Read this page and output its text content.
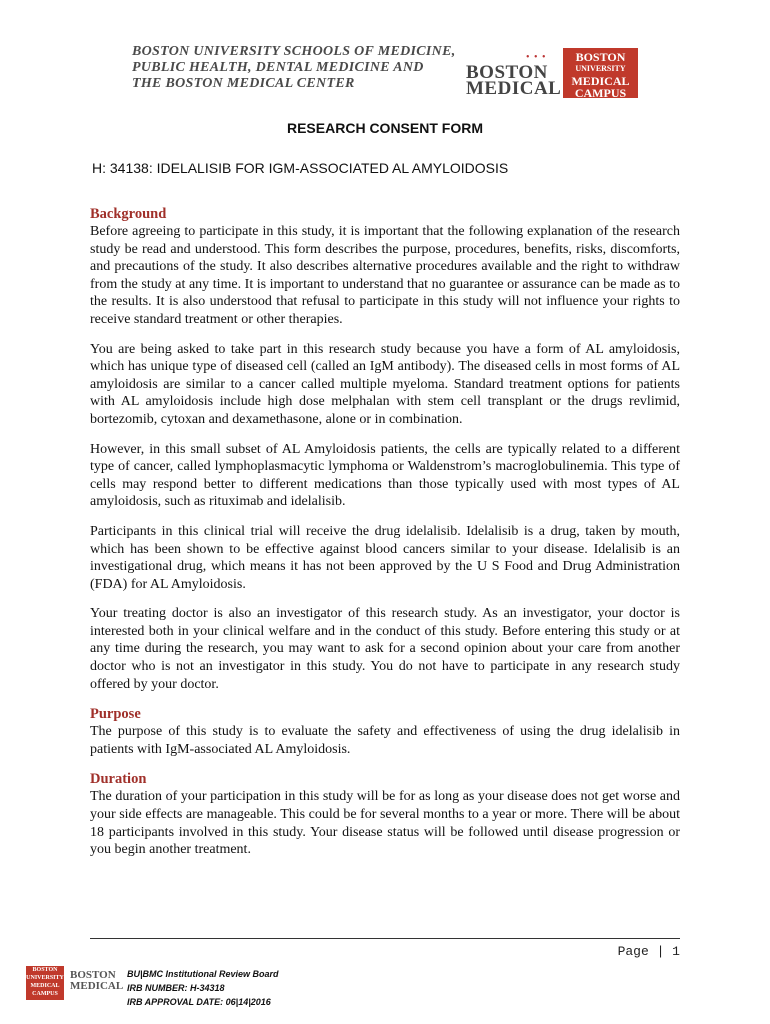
BOSTON UNIVERSITY SCHOOLS OF MEDICINE,
PUBLIC HEALTH, DENTAL MEDICINE AND
THE BOSTON MEDICAL CENTER
• • •
BOSTON
MEDICAL
BOSTON
UNIVERSITY
MEDICAL
CAMPUS
RESEARCH CONSENT FORM
H: 34138: IDELALISIB FOR IGM-ASSOCIATED AL AMYLOIDOSIS
Background

Before agreeing to participate in this study, it is important that the following explanation of the research study be read and understood. This form describes the purpose, procedures, benefits, risks, discomforts, and precautions of the study. It also describes alternative procedures available and the right to withdraw from the study at any time. It is important to understand that no guarantee or assurance can be made as to the results. It is also understood that refusal to participate in this study will not influence your rights to receive standard treatment or other therapies.

You are being asked to take part in this research study because you have a form of AL amyloidosis, which has unique type of diseased cell (called an IgM antibody). The diseased cells in most forms of AL amyloidosis are similar to a cancer called multiple myeloma. Standard treatment options for patients with AL amyloidosis include high dose melphalan with stem cell transplant or the drugs revlimid, bortezomib, cytoxan and dexamethasone, alone or in combination.

However, in this small subset of AL Amyloidosis patients, the cells are typically related to a different type of cancer, called lymphoplasmacytic lymphoma or Waldenstrom’s macroglobulinemia. This type of cells may respond better to different medications than those typically used with most types of AL amyloidosis, such as rituximab and idelalisib.

Participants in this clinical trial will receive the drug idelalisib. Idelalisib is a drug, taken by mouth, which has been shown to be effective against blood cancers similar to your disease. Idelalisib is an investigational drug, which means it has not been approved by the U S Food and Drug Administration (FDA) for AL Amyloidosis.

Your treating doctor is also an investigator of this research study. As an investigator, your doctor is interested both in your clinical welfare and in the conduct of this study. Before entering this study or at any time during the research, you may want to ask for a second opinion about your care from another doctor who is not an investigator in this study. You do not have to participate in any research study offered by your doctor.

Purpose

The purpose of this study is to evaluate the safety and effectiveness of using the drug idelalisib in patients with IgM-associated AL Amyloidosis.

Duration

The duration of your participation in this study will be for as long as your disease does not get worse and your side effects are manageable. This could be for several months to a year or more. There will be about 18 participants involved in this study. Your disease status will be followed until disease progression or you begin another treatment.

Page | 1
BOSTON
UNIVERSITY
MEDICAL
CAMPUS
BOSTON
MEDICAL
BU|BMC Institutional Review Board
IRB NUMBER: H-34318
IRB APPROVAL DATE: 06|14|2016
